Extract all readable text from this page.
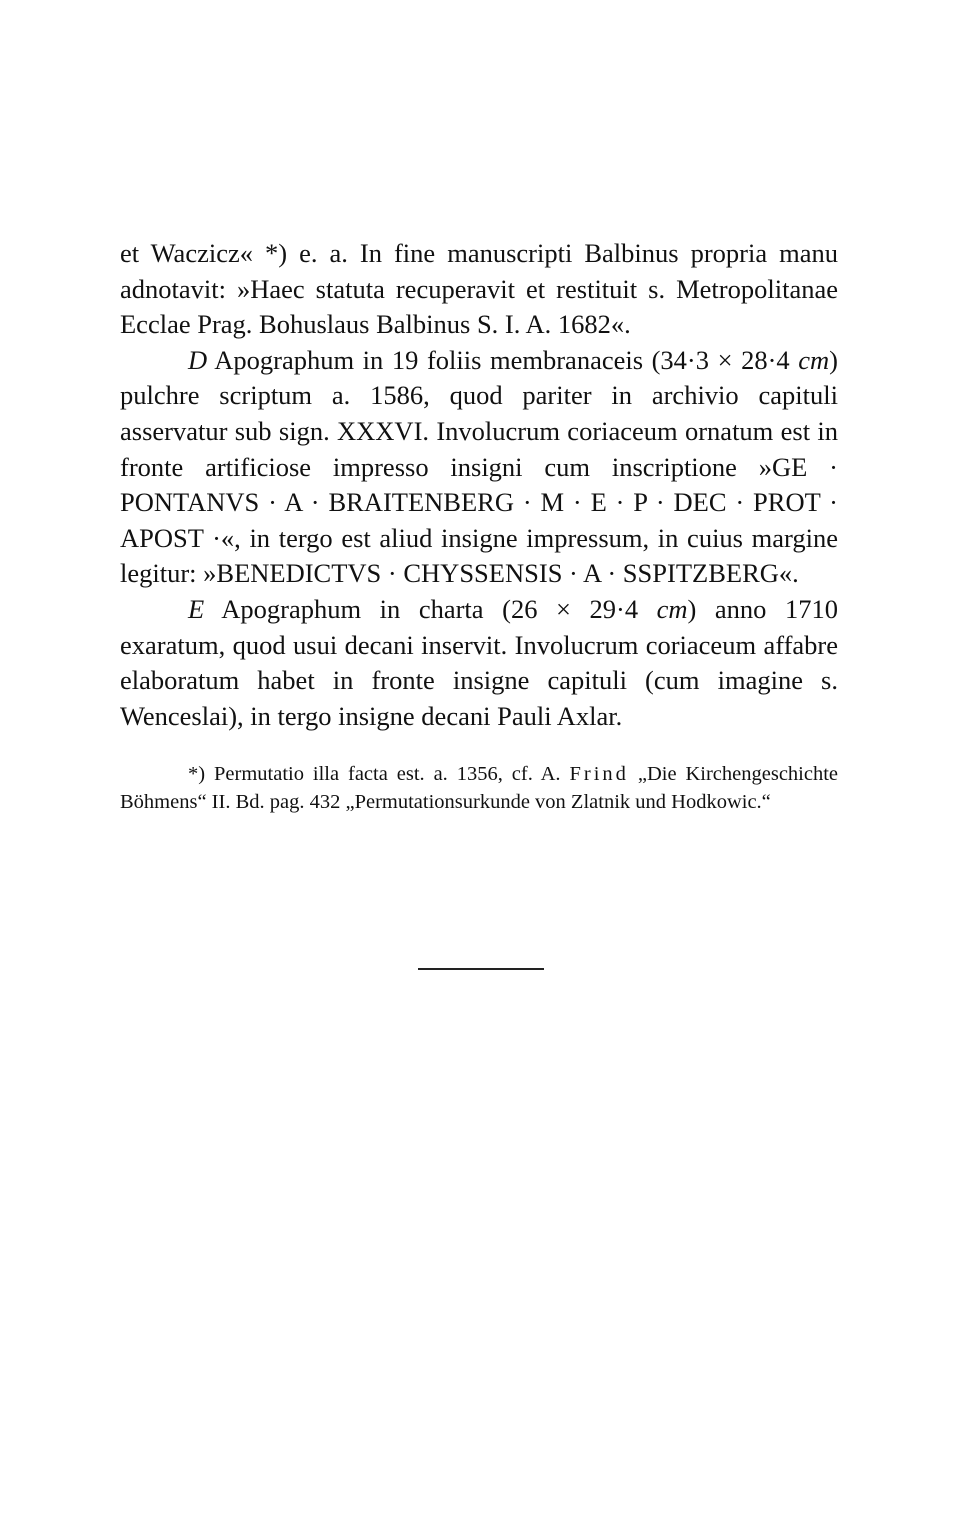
et Waczicz« *) e. a. In fine manuscripti Balbinus propria manu adnotavit: »Haec statuta recuperavit et restituit s. Metropolitanae Ecclae Prag. Bohuslaus Balbinus S. I. A. 1682«.

D Apographum in 19 foliis membranaceis (34·3 × 28·4 cm) pulchre scriptum a. 1586, quod pariter in archivio capituli asservatur sub sign. XXXVI. Involucrum coriaceum ornatum est in fronte artificiose impresso insigni cum inscriptione »GE · PONTANVS · A · BRAITENBERG · M · E · P · DEC · PROT · APOST ·«, in tergo est aliud insigne impressum, in cuius margine legitur: »BENEDICTVS · CHYSSENSIS · A · SSPITZBERG«.

E Apographum in charta (26 × 29·4 cm) anno 1710 exaratum, quod usui decani inservit. Involucrum coriaceum affabre elaboratum habet in fronte insigne capituli (cum imagine s. Wenceslai), in tergo insigne decani Pauli Axlar.

*) Permutatio illa facta est. a. 1356, cf. A. Frind „Die Kirchengeschichte Böhmens“ II. Bd. pag. 432 „Permutationsurkunde von Zlatnik und Hodkowic.“
